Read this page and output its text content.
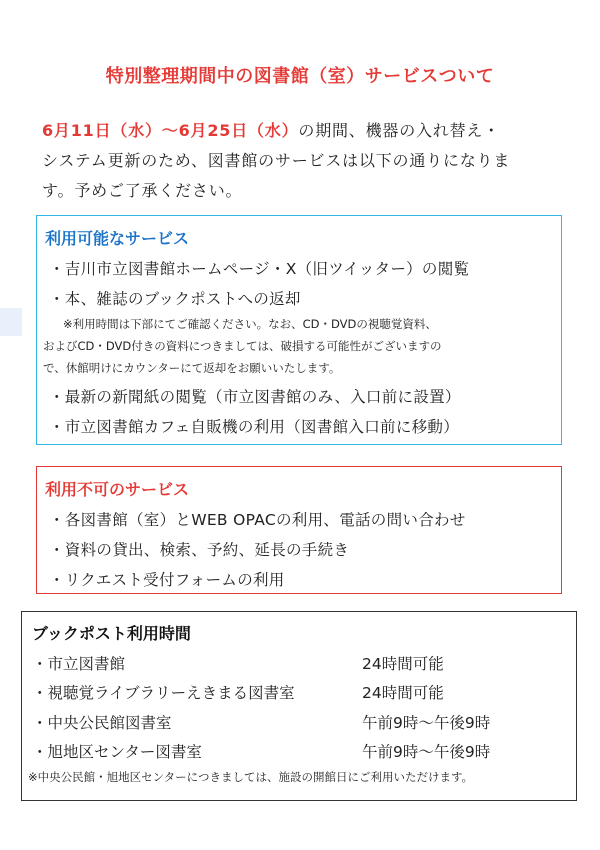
特別整理期間中の図書館（室）サービスついて
6月11日（水）～6月25日（水）の期間、機器の入れ替え・
システム更新のため、図書館のサービスは以下の通りになりま
す。予めご了承ください。
利用可能なサービス
・吉川市立図書館ホームページ・X（旧ツイッター）の閲覧
・本、雑誌のブックポストへの返却
※利用時間は下部にてご確認ください。なお、CD・DVDの視聴覚資料、
およびCD・DVD付きの資料につきましては、破損する可能性がございますの
で、休館明けにカウンターにて返却をお願いいたします。
・最新の新聞紙の閲覧（市立図書館のみ、入口前に設置）
・市立図書館カフェ自販機の利用（図書館入口前に移動）
利用不可のサービス
・各図書館（室）とWEB OPACの利用、電話の問い合わせ
・資料の貸出、検索、予約、延長の手続き
・リクエスト受付フォームの利用
ブックポスト利用時間
・市立図書館	24時間可能
・視聴覚ライブラリーえきまる図書室	24時間可能
・中央公民館図書室	午前9時～午後9時
・旭地区センター図書室	午前9時～午後9時
※中央公民館・旭地区センターにつきましては、施設の開館日にご利用いただけます。
